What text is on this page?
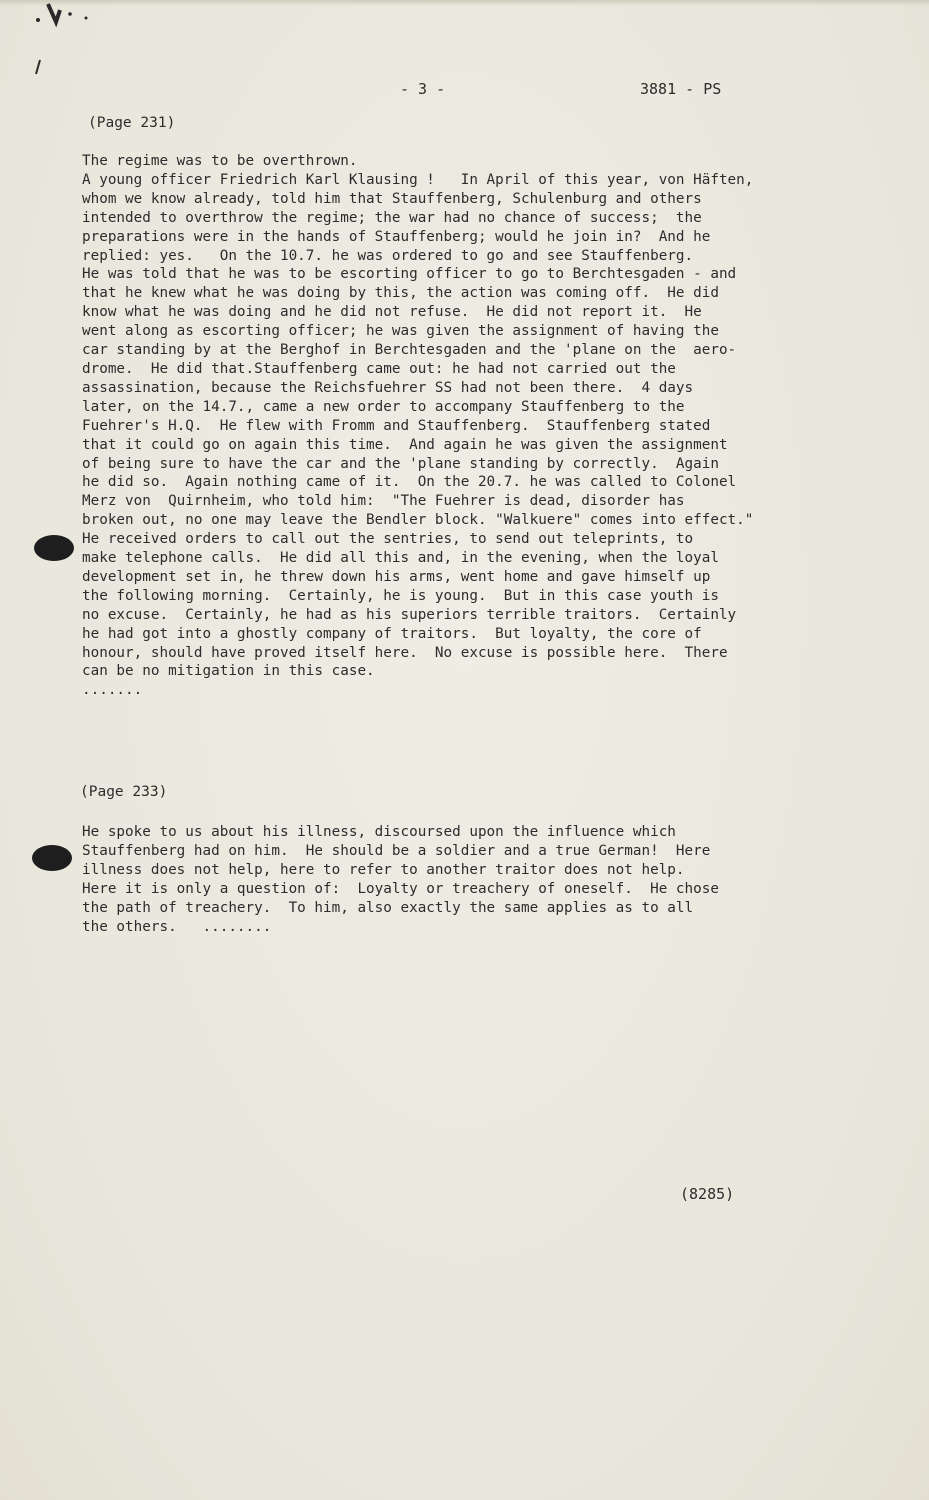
- 3 -	3881 - PS
(Page 231)
The regime was to be overthrown.
A young officer Friedrich Karl Klausing !   In April of this year, von Häften,
whom we know already, told him that Stauffenberg, Schulenburg and others
intended to overthrow the regime; the war had no chance of success;  the
preparations were in the hands of Stauffenberg; would he join in?  And he
replied: yes.   On the 10.7. he was ordered to go and see Stauffenberg.
He was told that he was to be escorting officer to go to Berchtesgaden - and
that he knew what he was doing by this, the action was coming off.  He did
know what he was doing and he did not refuse.  He did not report it.  He
went along as escorting officer; he was given the assignment of having the
car standing by at the Berghof in Berchtesgaden and the 'plane on the  aero-
drome.  He did that.Stauffenberg came out: he had not carried out the
assassination, because the Reichsfuehrer SS had not been there.  4 days
later, on the 14.7., came a new order to accompany Stauffenberg to the
Fuehrer's H.Q.  He flew with Fromm and Stauffenberg.  Stauffenberg stated
that it could go on again this time.  And again he was given the assignment
of being sure to have the car and the 'plane standing by correctly.  Again
he did so.  Again nothing came of it.  On the 20.7. he was called to Colonel
Merz von  Quirnheim, who told him:  "The Fuehrer is dead, disorder has
broken out, no one may leave the Bendler block. "Walkuere" comes into effect."
He received orders to call out the sentries, to send out teleprints, to
make telephone calls.  He did all this and, in the evening, when the loyal
development set in, he threw down his arms, went home and gave himself up
the following morning.  Certainly, he is young.  But in this case youth is
no excuse.  Certainly, he had as his superiors terrible traitors.  Certainly
he had got into a ghostly company of traitors.  But loyalty, the core of
honour, should have proved itself here.  No excuse is possible here.  There
can be no mitigation in this case.
.......
(Page 233)
He spoke to us about his illness, discoursed upon the influence which
Stauffenberg had on him.  He should be a soldier and a true German!  Here
illness does not help, here to refer to another traitor does not help.
Here it is only a question of:  Loyalty or treachery of oneself.  He chose
the path of treachery.  To him, also exactly the same applies as to all
the others.   ........
(8285)
